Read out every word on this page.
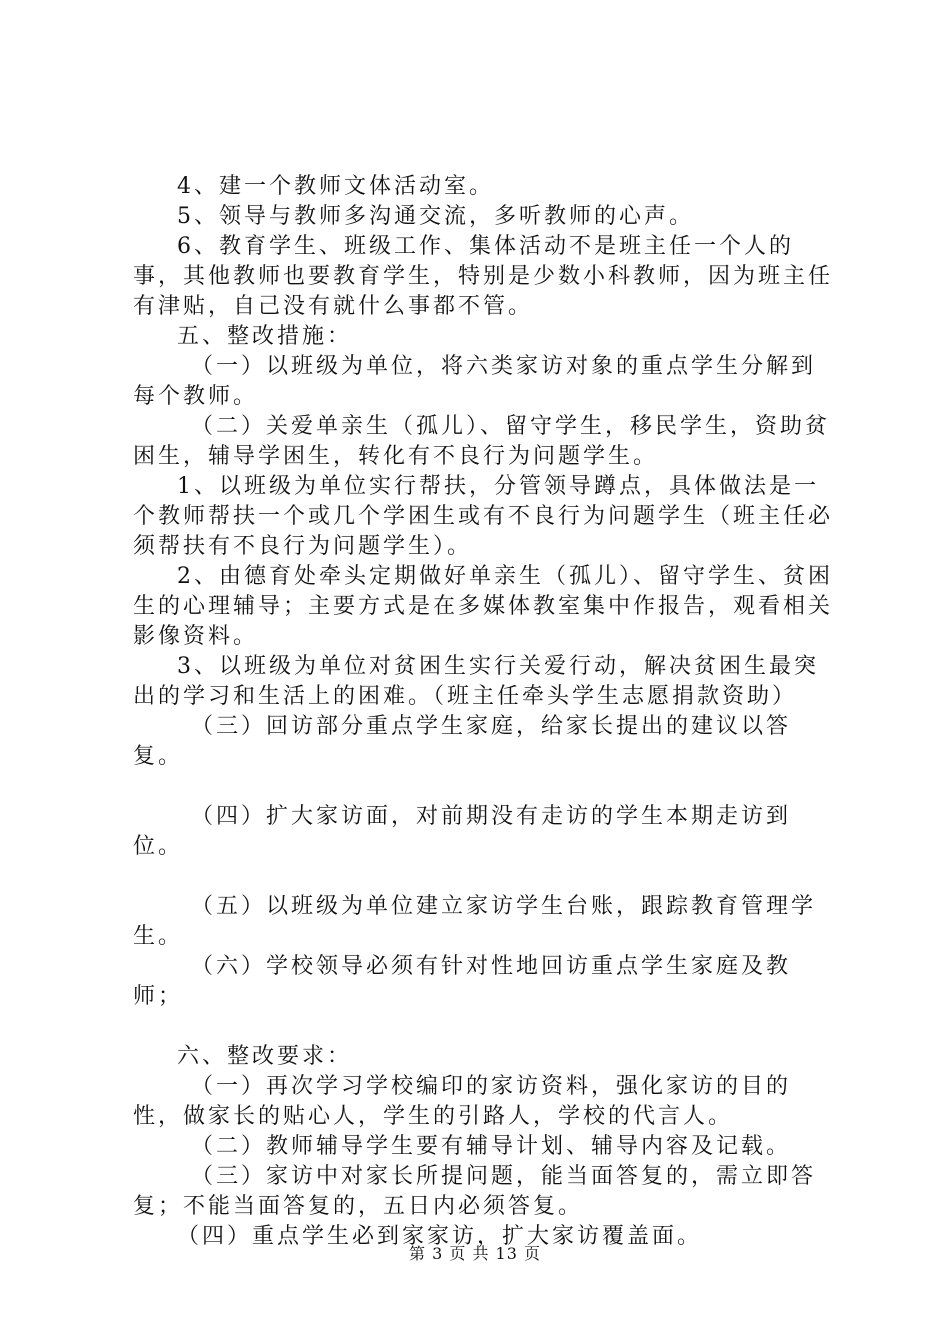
4、建一个教师文体活动室。

5、领导与教师多沟通交流，多听教师的心声。

6、教育学生、班级工作、集体活动不是班主任一个人的事，其他教师也要教育学生，特别是少数小科教师，因为班主任有津贴，自己没有就什么事都不管。

五、整改措施：

（一）以班级为单位，将六类家访对象的重点学生分解到每个教师。

（二）关爱单亲生（孤儿）、留守学生，移民学生，资助贫困生，辅导学困生，转化有不良行为问题学生。

1、以班级为单位实行帮扶，分管领导蹲点，具体做法是一个教师帮扶一个或几个学困生或有不良行为问题学生（班主任必须帮扶有不良行为问题学生）。

2、由德育处牵头定期做好单亲生（孤儿）、留守学生、贫困生的心理辅导；主要方式是在多媒体教室集中作报告，观看相关影像资料。

3、以班级为单位对贫困生实行关爱行动，解决贫困生最突出的学习和生活上的困难。（班主任牵头学生志愿捐款资助）

（三）回访部分重点学生家庭，给家长提出的建议以答复。

（四）扩大家访面，对前期没有走访的学生本期走访到位。

（五）以班级为单位建立家访学生台账，跟踪教育管理学生。

（六）学校领导必须有针对性地回访重点学生家庭及教师；

六、整改要求：

（一）再次学习学校编印的家访资料，强化家访的目的性，做家长的贴心人，学生的引路人，学校的代言人。

（二）教师辅导学生要有辅导计划、辅导内容及记载。

（三）家访中对家长所提问题，能当面答复的，需立即答复；不能当面答复的，五日内必须答复。

（四）重点学生必到家家访，扩大家访覆盖面。

第 3 页 共 13 页
